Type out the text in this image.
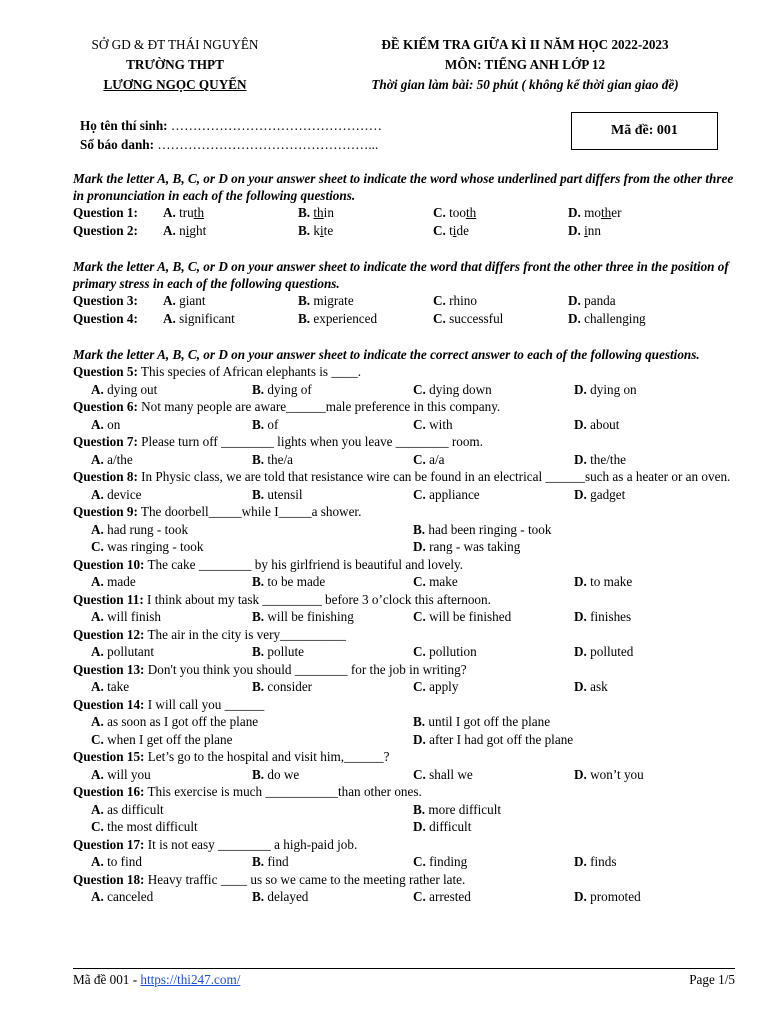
SỞ GD & ĐT THÁI NGUYÊN
TRƯỜNG THPT
LƯƠNG NGỌC QUYẾN
ĐỀ KIỂM TRA GIỮA KÌ II NĂM HỌC 2022-2023
MÔN: TIẾNG ANH LỚP 12
Thời gian làm bài: 50 phút ( không kể thời gian giao đề)
Họ tên thí sinh: …………………………………………
Số báo danh: …………………………………………...
Mã đề: 001
Mark the letter A, B, C, or D on your answer sheet to indicate the word whose underlined part differs from the other three in pronunciation in each of the following questions.
Question 1:	A. truth	B. thin	C. tooth	D. mother
Question 2:	A. night	B. kite	C. tide	D. inn
Mark the letter A, B, C, or D on your answer sheet to indicate the word that differs front the other three in the position of primary stress in each of the following questions.
Question 3:	A. giant	B. migrate	C. rhino	D. panda
Question 4:	A. significant	B. experienced	C. successful	D. challenging
Mark the letter A, B, C, or D on your answer sheet to indicate the correct answer to each of the following questions.
Question 5: This species of African elephants is ____.
A. dying out	B. dying of	C. dying down	D. dying on
Question 6: Not many people are aware______male preference in this company.
A. on	B. of	C. with	D. about
Question 7: Please turn off ________ lights when you leave ________ room.
A. a/the	B. the/a	C. a/a	D. the/the
Question 8: In Physic class, we are told that resistance wire can be found in an electrical ______such as a heater or an oven.
A. device	B. utensil	C. appliance	D. gadget
Question 9: The doorbell_____while I_____a shower.
A. had rung - took	B. had been ringing - took
C. was ringing - took	D. rang - was taking
Question 10: The cake ________ by his girlfriend is beautiful and lovely.
A. made	B. to be made	C. make	D. to make
Question 11: I think about my task _________ before 3 o’clock this afternoon.
A. will finish	B. will be finishing	C. will be finished	D. finishes
Question 12: The air in the city is very__________
A. pollutant	B. pollute	C. pollution	D. polluted
Question 13: Don't you think you should ________ for the job in writing?
A. take	B. consider	C. apply	D. ask
Question 14: I will call you ______
A. as soon as I got off the plane	B. until I got off the plane
C. when I get off the plane	D. after I had got off the plane
Question 15: Let’s go to the hospital and visit him,______?
A. will you	B. do we	C. shall we	D. won’t you
Question 16: This exercise is much ___________than other ones.
A. as difficult	B. more difficult
C. the most difficult	D. difficult
Question 17: It is not easy ________ a high-paid job.
A. to find	B. find	C. finding	D. finds
Question 18: Heavy traffic ____ us so we came to the meeting rather late.
A. canceled	B. delayed	C. arrested	D. promoted
Mã đề 001 - https://thi247.com/	Page 1/5
